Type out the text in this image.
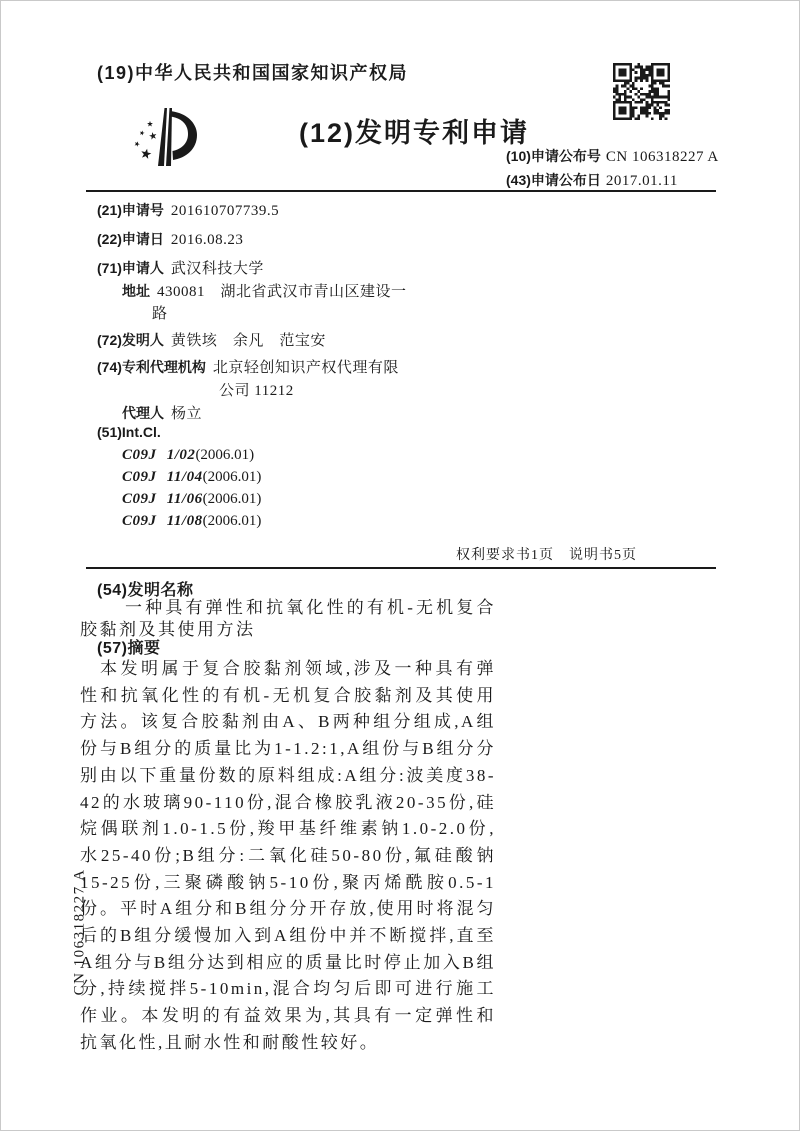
(19)中华人民共和国国家知识产权局
(12)发明专利申请
(10)申请公布号 CN 106318227 A
(43)申请公布日 2017.01.11
(21)申请号 201610707739.5
(22)申请日 2016.08.23
(71)申请人 武汉科技大学
地址 430081　湖北省武汉市青山区建设一
路
(72)发明人 黄铁垓　余凡　范宝安
(74)专利代理机构 北京轻创知识产权代理有限
公司 11212
代理人 杨立
(51)Int.Cl.
C09J 1/02(2006.01)
C09J 11/04(2006.01)
C09J 11/06(2006.01)
C09J 11/08(2006.01)
权利要求书1页　说明书5页
(54)发明名称
一种具有弹性和抗氧化性的有机-无机复合胶黏剂及其使用方法
(57)摘要
本发明属于复合胶黏剂领域,涉及一种具有弹性和抗氧化性的有机-无机复合胶黏剂及其使用方法。该复合胶黏剂由A、B两种组分组成,A组份与B组分的质量比为1-1.2:1,A组份与B组分分别由以下重量份数的原料组成:A组分:波美度38-42的水玻璃90-110份,混合橡胶乳液20-35份,硅烷偶联剂1.0-1.5份,羧甲基纤维素钠1.0-2.0份,水25-40份;B组分:二氧化硅50-80份,氟硅酸钠15-25份,三聚磷酸钠5-10份,聚丙烯酰胺0.5-1份。平时A组分和B组分分开存放,使用时将混匀后的B组分缓慢加入到A组份中并不断搅拌,直至A组分与B组分达到相应的质量比时停止加入B组分,持续搅拌5-10min,混合均匀后即可进行施工作业。本发明的有益效果为,其具有一定弹性和抗氧化性,且耐水性和耐酸性较好。
CN 106318227 A
